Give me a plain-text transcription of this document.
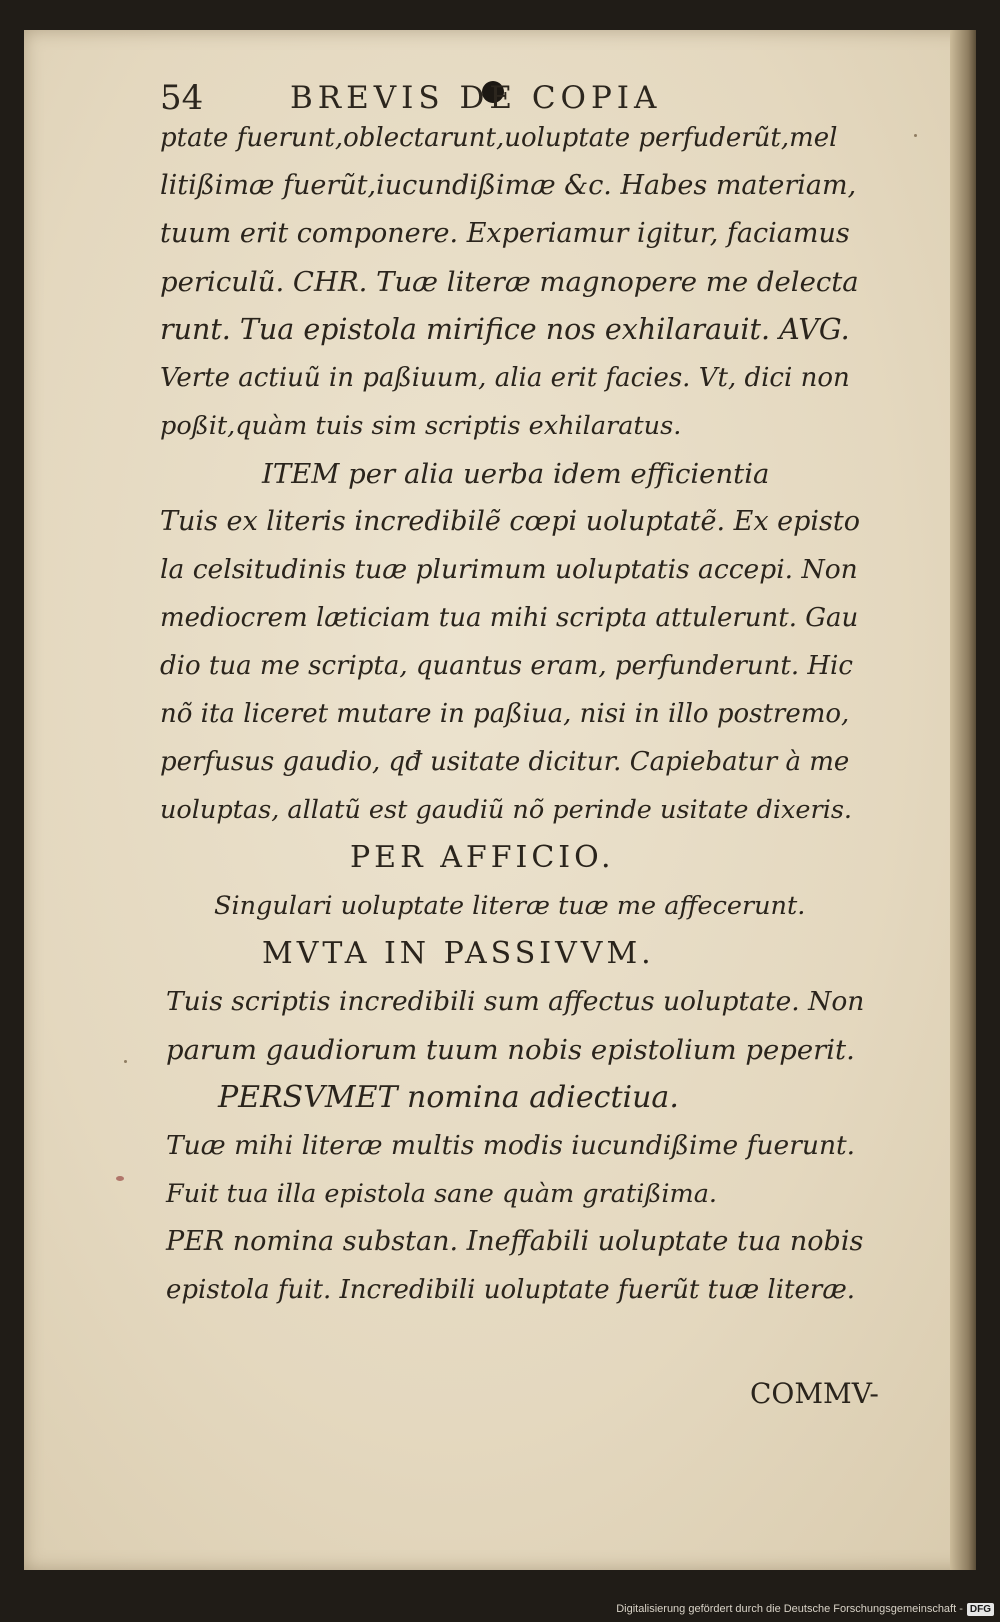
54	BREVIS DE COPIA
ptate fuerunt,oblectarunt,uoluptate perfuderũt,mel
litißimæ fuerũt,iucundißimæ &c. Habes materiam,
tuum erit componere. Experiamur igitur, faciamus
periculũ. CHR. Tuæ literæ magnopere me delecta
runt. Tua epistola mirifice nos exhilarauit. AVG.
Verte actiuũ in paßiuum, alia erit facies. Vt, dici non
poßit,quàm tuis sim scriptis exhilaratus.
ITEM per alia uerba idem efficientia
Tuis ex literis incredibilẽ cœpi uoluptatẽ. Ex episto
la celsitudinis tuæ plurimum uoluptatis accepi. Non
mediocrem læticiam tua mihi scripta attulerunt. Gau
dio tua me scripta, quantus eram, perfunderunt. Hic
nõ ita liceret mutare in paßiua, nisi in illo postremo,
perfusus gaudio, qđ usitate dicitur. Capiebatur à me
uoluptas, allatũ est gaudiũ nõ perinde usitate dixeris.
PER AFFICIO.
Singulari uoluptate literæ tuæ me affecerunt.
MVTA IN PASSIVVM.
Tuis scriptis incredibili sum affectus uoluptate. Non
parum gaudiorum tuum nobis epistolium peperit.
PERSVMET nomina adiectiua.
Tuæ mihi literæ multis modis iucundißime fuerunt.
Fuit tua illa epistola sane quàm gratißima.
PER nomina substan. Ineffabili uoluptate tua nobis
epistola fuit. Incredibili uoluptate fuerũt tuæ literæ.
COMMV-
Digitalisierung gefördert durch die Deutsche Forschungsgemeinschaft - DFG
